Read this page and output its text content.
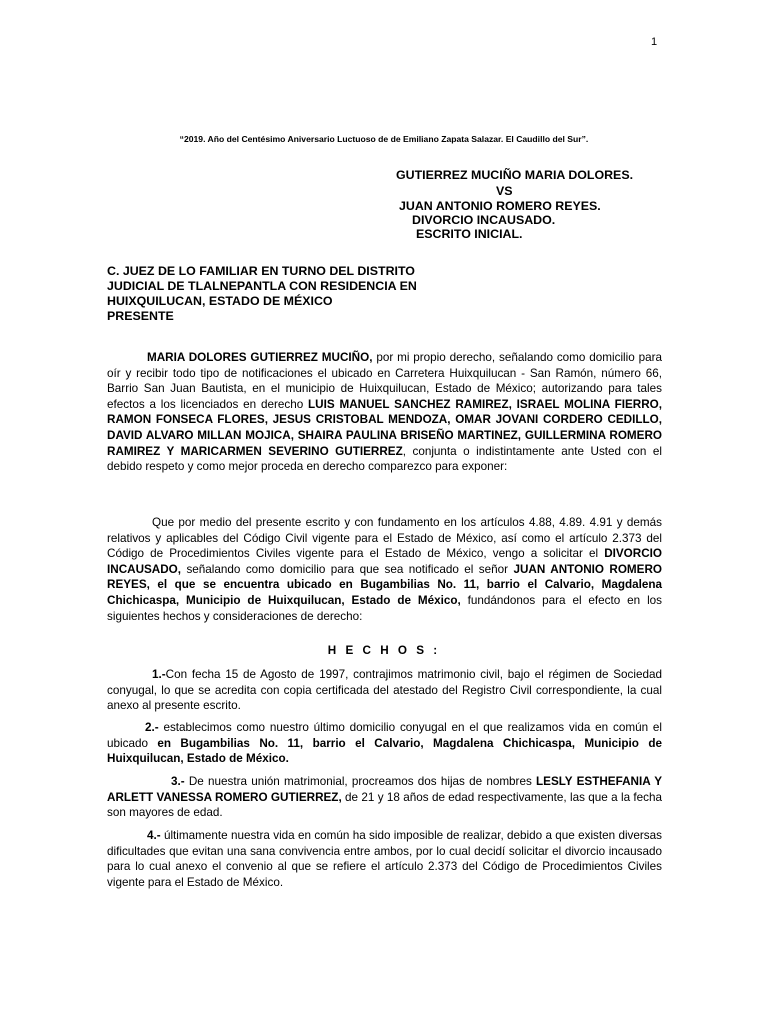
1
“2019. Año del Centésimo Aniversario Luctuoso de de Emiliano Zapata Salazar. El Caudillo del Sur”.
GUTIERREZ MUCIÑO MARIA DOLORES.
VS
JUAN ANTONIO ROMERO REYES.
DIVORCIO INCAUSADO.
ESCRITO INICIAL.
C. JUEZ DE LO FAMILIAR EN TURNO DEL DISTRITO
JUDICIAL DE TLALNEPANTLA CON RESIDENCIA EN
HUIXQUILUCAN, ESTADO DE MÉXICO
PRESENTE

MARIA DOLORES GUTIERREZ MUCIÑO, por mi propio derecho, señalando como domicilio para oír y recibir todo tipo de notificaciones el ubicado en Carretera Huixquilucan - San Ramón, número 66, Barrio San Juan Bautista, en el municipio de Huixquilucan, Estado de México; autorizando para tales efectos a los licenciados en derecho LUIS MANUEL SANCHEZ RAMIREZ, ISRAEL MOLINA FIERRO, RAMON FONSECA FLORES, JESUS CRISTOBAL MENDOZA, OMAR JOVANI CORDERO CEDILLO, DAVID ALVARO MILLAN MOJICA, SHAIRA PAULINA BRISEÑO MARTINEZ, GUILLERMINA ROMERO RAMIREZ Y MARICARMEN SEVERINO GUTIERREZ, conjunta o indistintamente ante Usted con el debido respeto y como mejor proceda en derecho comparezco para exponer:

Que por medio del presente escrito y con fundamento en los artículos 4.88, 4.89. 4.91 y demás relativos y aplicables del Código Civil vigente para el Estado de México, así como el artículo 2.373 del Código de Procedimientos Civiles vigente para el Estado de México, vengo a solicitar el DIVORCIO INCAUSADO, señalando como domicilio para que sea notificado el señor JUAN ANTONIO ROMERO REYES, el que se encuentra ubicado en Bugambilias No. 11, barrio el Calvario, Magdalena Chichicaspa, Municipio de Huixquilucan, Estado de México, fundándonos para el efecto en los siguientes hechos y consideraciones de derecho:

H E C H O S :

1.-Con fecha 15 de Agosto de 1997, contrajimos matrimonio civil, bajo el régimen de Sociedad conyugal, lo que se acredita con copia certificada del atestado del Registro Civil correspondiente, la cual anexo al presente escrito.

2.- establecimos como nuestro último domicilio conyugal en el que realizamos vida en común el ubicado en Bugambilias No. 11, barrio el Calvario, Magdalena Chichicaspa, Municipio de Huixquilucan, Estado de México.

3.- De nuestra unión matrimonial, procreamos dos hijas de nombres LESLY ESTHEFANIA Y ARLETT VANESSA ROMERO GUTIERREZ, de 21 y 18 años de edad respectivamente, las que a la fecha son mayores de edad.

4.- últimamente nuestra vida en común ha sido imposible de realizar, debido a que existen diversas dificultades que evitan una sana convivencia entre ambos, por lo cual decidí solicitar el divorcio incausado para lo cual anexo el convenio al que se refiere el artículo 2.373 del Código de Procedimientos Civiles vigente para el Estado de México.
